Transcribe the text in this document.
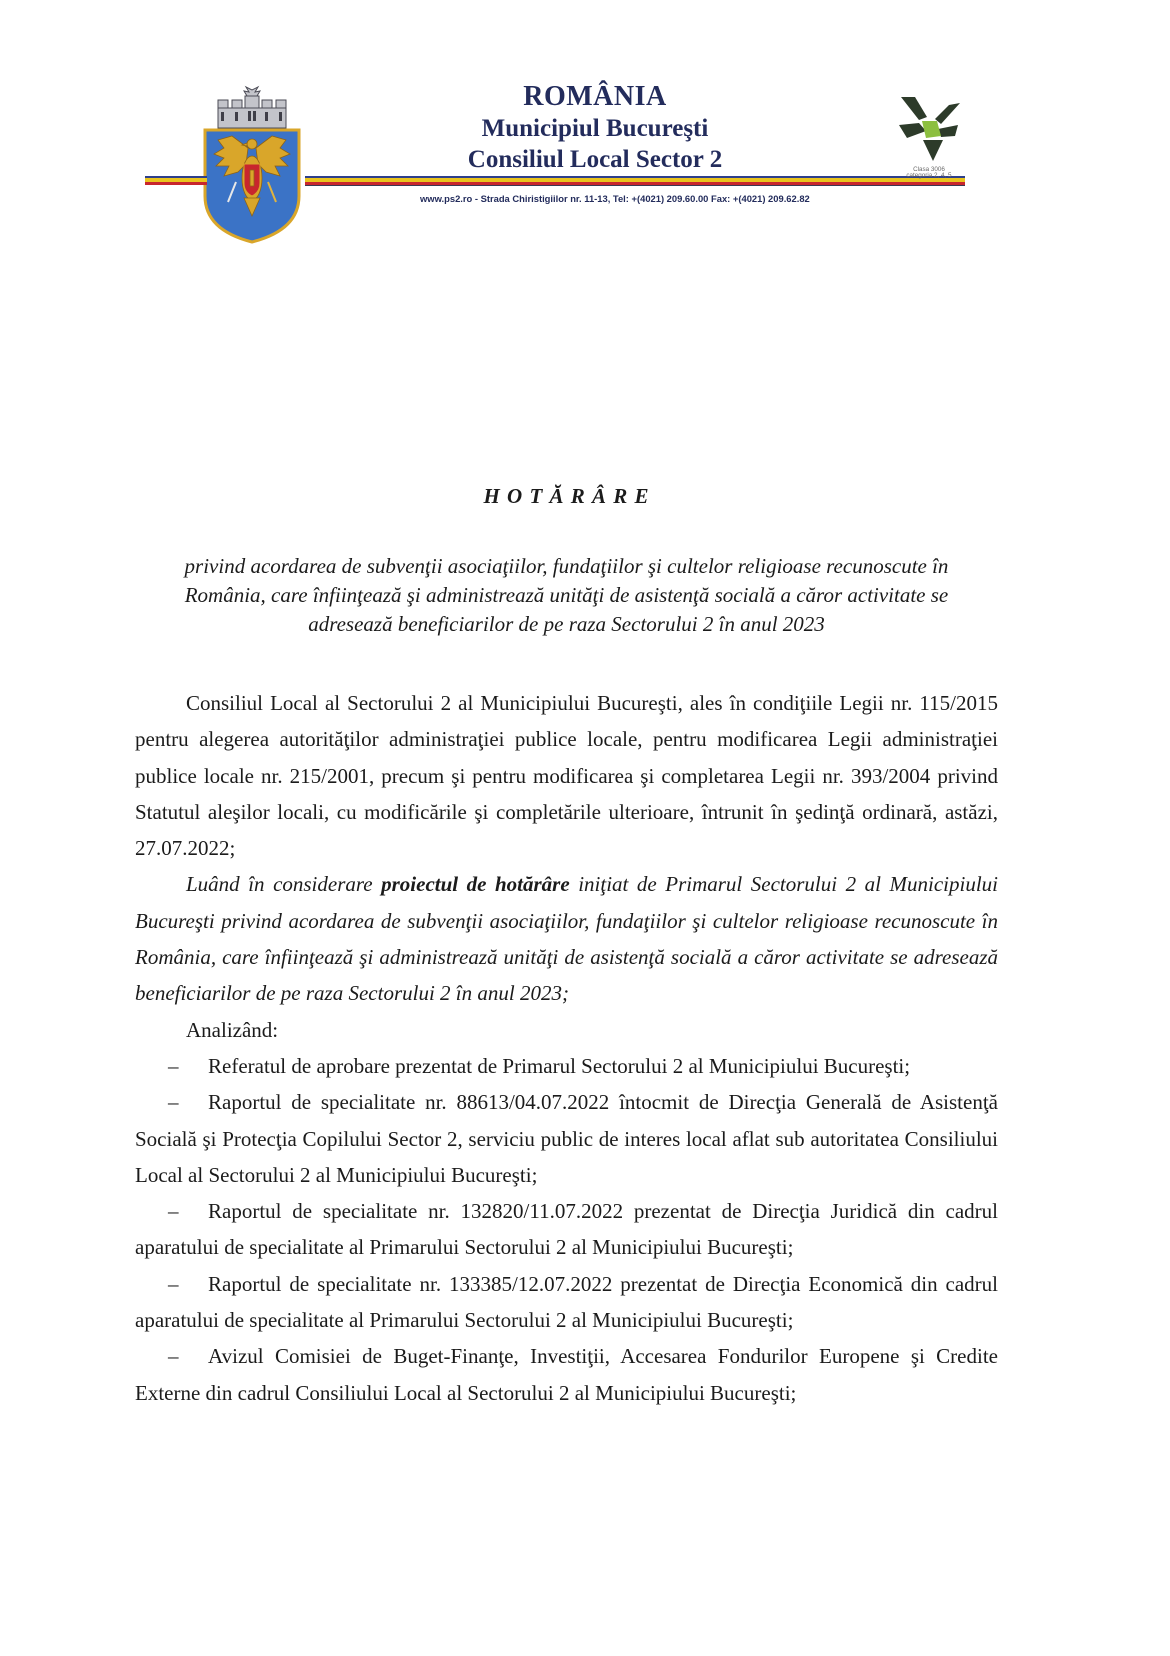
ROMÂNIA
Municipiul Bucureşti
Consiliul Local Sector 2
www.ps2.ro - Strada Chiristigiilor nr. 11-13, Tel: +(4021) 209.60.00 Fax: +(4021) 209.62.82
Clasa 3006
categoria 2, 4, 5
H O T Ă R Â R E
privind acordarea de subvenţii asociaţiilor, fundaţiilor şi cultelor religioase recunoscute în
România, care înfiinţează şi administrează unităţi de asistenţă socială a căror activitate se
adresează beneficiarilor de pe raza Sectorului 2 în anul 2023

Consiliul Local al Sectorului 2 al Municipiului Bucureşti, ales în condiţiile Legii nr. 115/2015 pentru alegerea autorităţilor administraţiei publice locale, pentru modificarea Legii administraţiei publice locale nr. 215/2001, precum şi pentru modificarea şi completarea Legii nr. 393/2004 privind Statutul aleşilor locali, cu modificările şi completările ulterioare, întrunit în şedinţă ordinară, astăzi, 27.07.2022;

Luând în considerare proiectul de hotărâre iniţiat de Primarul Sectorului 2 al Municipiului Bucureşti privind acordarea de subvenţii asociaţiilor, fundaţiilor şi cultelor religioase recunoscute în România, care înfiinţează şi administrează unităţi de asistenţă socială a căror activitate se adresează beneficiarilor de pe raza Sectorului 2 în anul 2023;

Analizând:

– Referatul de aprobare prezentat de Primarul Sectorului 2 al Municipiului Bucureşti;

– Raportul de specialitate nr. 88613/04.07.2022 întocmit de Direcţia Generală de Asistenţă Socială şi Protecţia Copilului Sector 2, serviciu public de interes local aflat sub autoritatea Consiliului Local al Sectorului 2 al Municipiului Bucureşti;

– Raportul de specialitate nr. 132820/11.07.2022 prezentat de Direcţia Juridică din cadrul aparatului de specialitate al Primarului Sectorului 2 al Municipiului Bucureşti;

– Raportul de specialitate nr. 133385/12.07.2022 prezentat de Direcţia Economică din cadrul aparatului de specialitate al Primarului Sectorului 2 al Municipiului Bucureşti;

– Avizul Comisiei de Buget-Finanţe, Investiţii, Accesarea Fondurilor Europene şi Credite Externe din cadrul Consiliului Local al Sectorului 2 al Municipiului Bucureşti;
